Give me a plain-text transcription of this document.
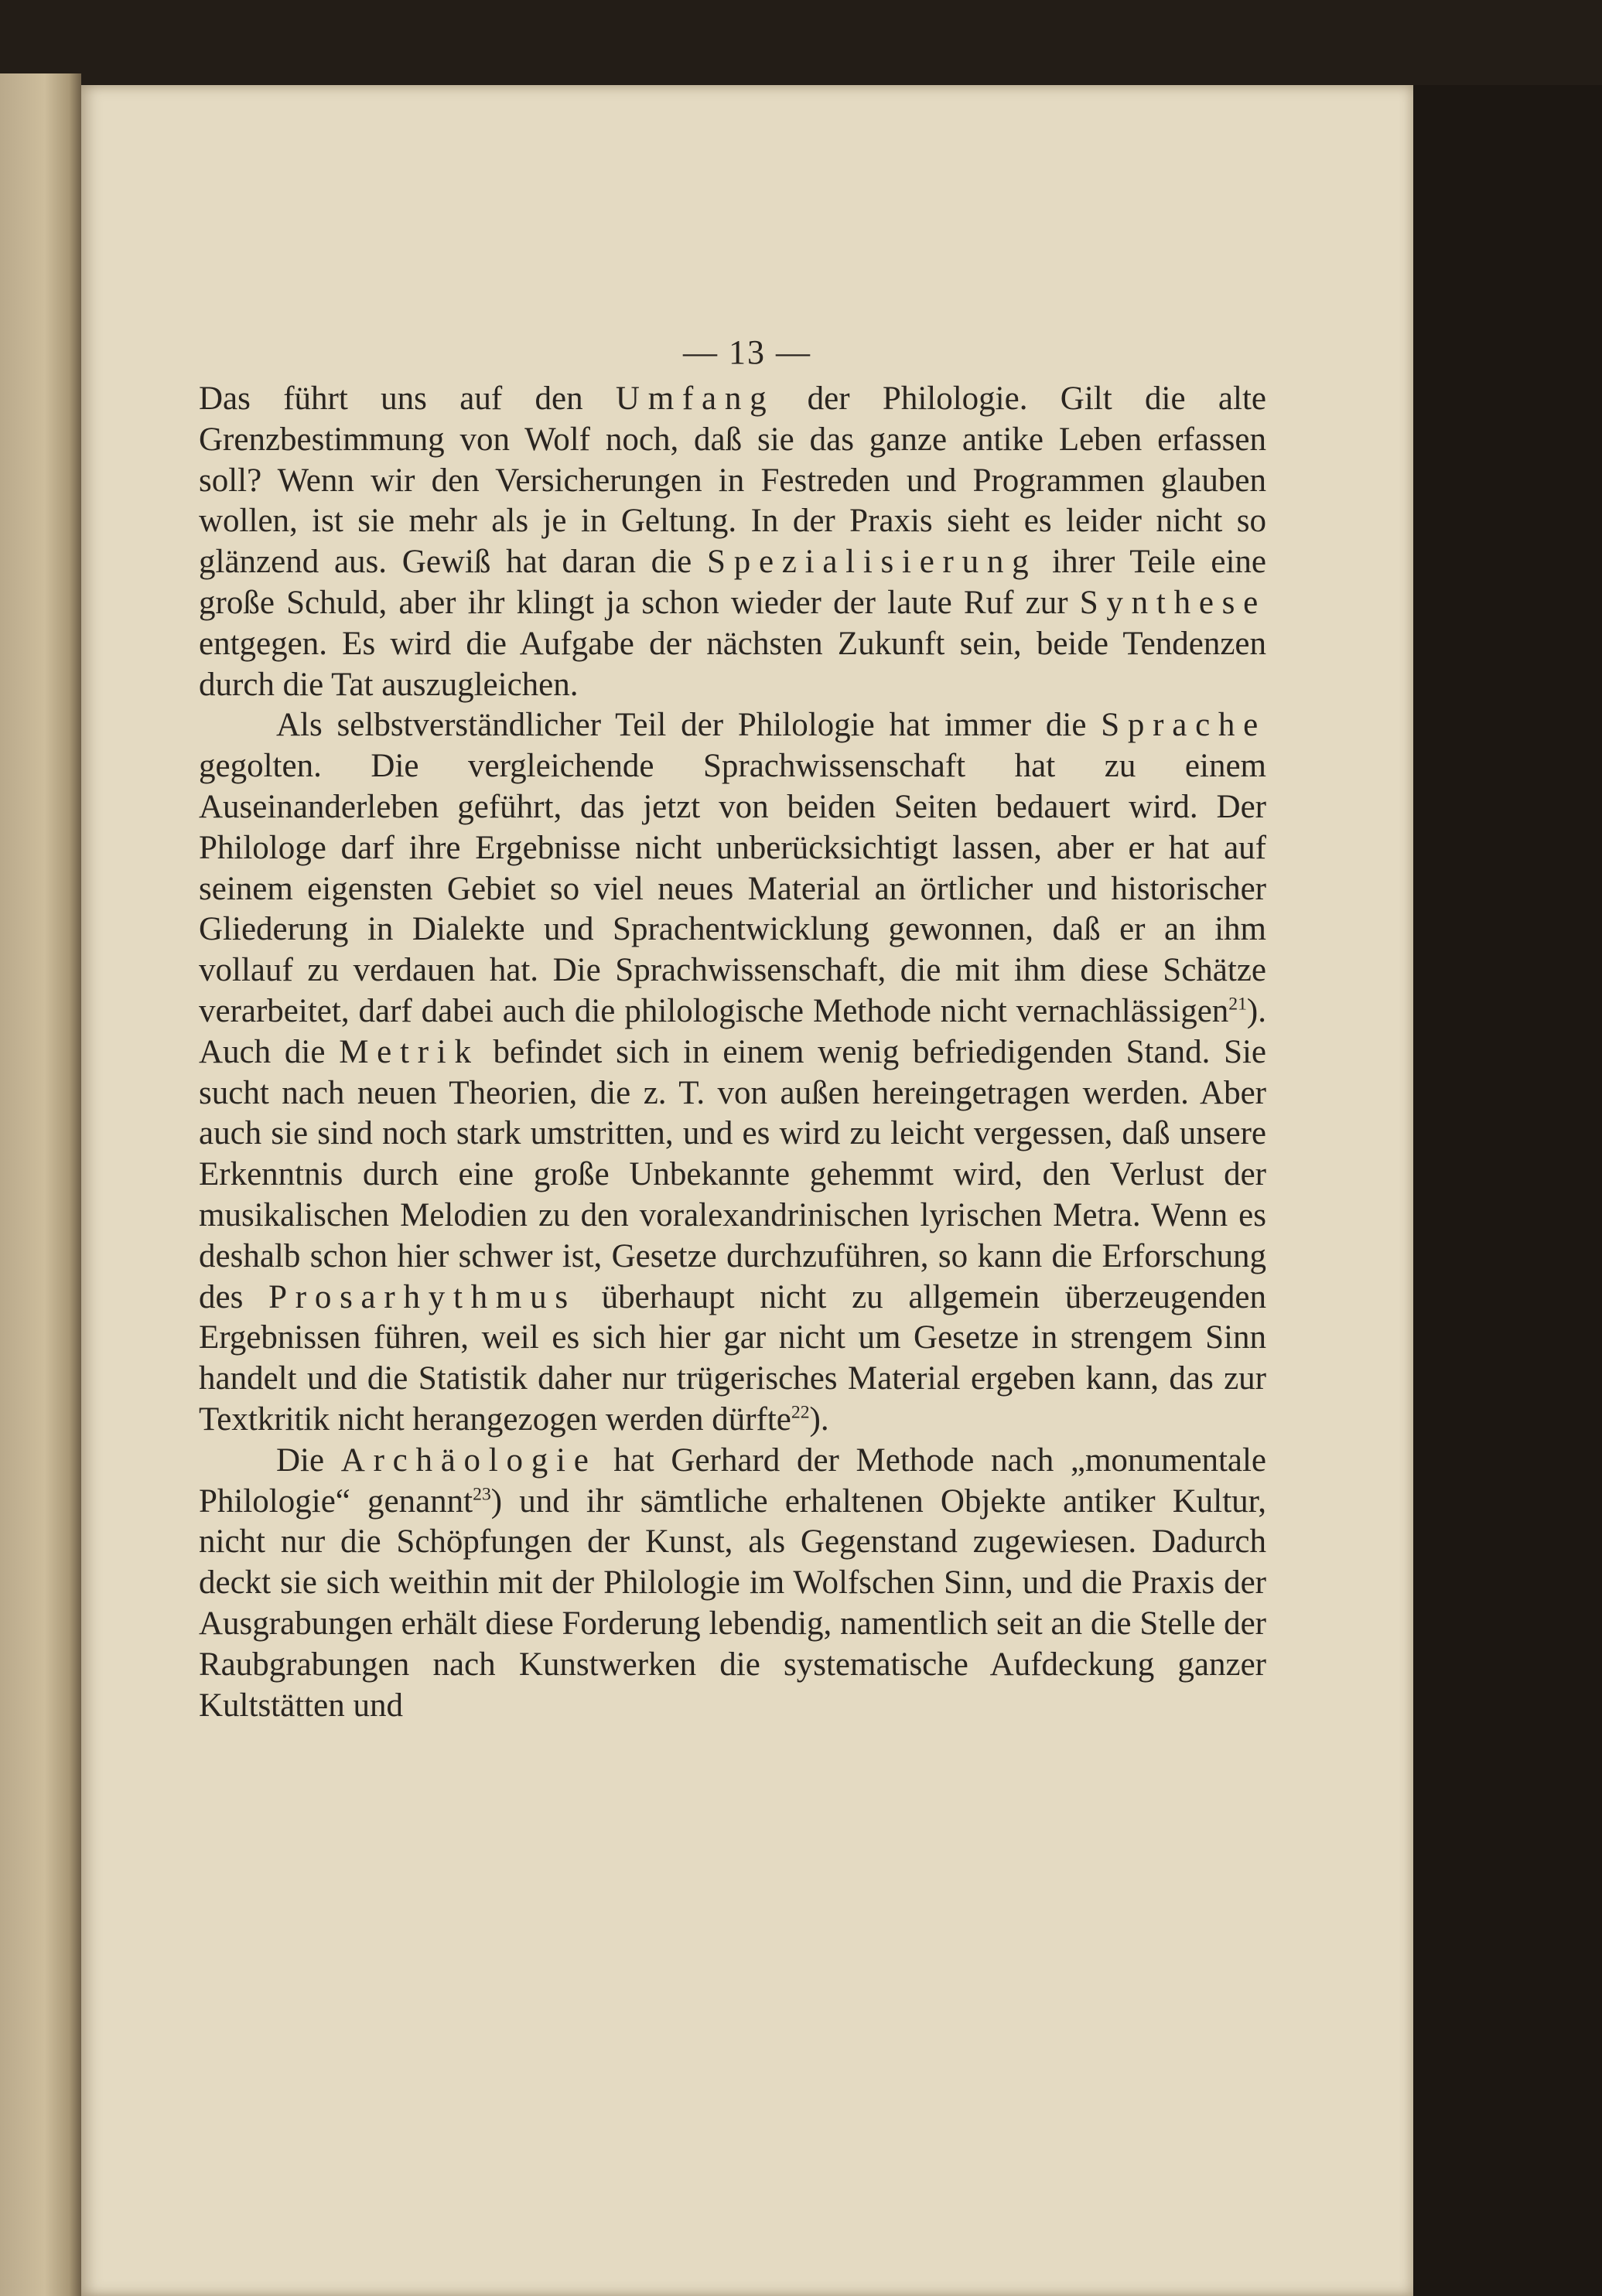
— 13 —

Das führt uns auf den Umfang der Philologie. Gilt die alte Grenzbestimmung von Wolf noch, daß sie das ganze antike Leben erfassen soll? Wenn wir den Versicherungen in Festreden und Programmen glauben wollen, ist sie mehr als je in Geltung. In der Praxis sieht es leider nicht so glänzend aus. Gewiß hat daran die Spezialisierung ihrer Teile eine große Schuld, aber ihr klingt ja schon wieder der laute Ruf zur Synthese entgegen. Es wird die Aufgabe der nächsten Zukunft sein, beide Tendenzen durch die Tat auszugleichen.

Als selbstverständlicher Teil der Philologie hat immer die Sprache gegolten. Die vergleichende Sprachwissenschaft hat zu einem Auseinanderleben geführt, das jetzt von beiden Seiten bedauert wird. Der Philologe darf ihre Ergebnisse nicht unberücksichtigt lassen, aber er hat auf seinem eigensten Gebiet so viel neues Material an örtlicher und historischer Gliederung in Dialekte und Sprachentwicklung gewonnen, daß er an ihm vollauf zu verdauen hat. Die Sprachwissenschaft, die mit ihm diese Schätze verarbeitet, darf dabei auch die philologische Methode nicht vernachlässigen$^{21}$). Auch die Metrik befindet sich in einem wenig befriedigenden Stand. Sie sucht nach neuen Theorien, die z. T. von außen hereingetragen werden. Aber auch sie sind noch stark umstritten, und es wird zu leicht vergessen, daß unsere Erkenntnis durch eine große Unbekannte gehemmt wird, den Verlust der musikalischen Melodien zu den voralexandrinischen lyrischen Metra. Wenn es deshalb schon hier schwer ist, Gesetze durchzuführen, so kann die Erforschung des Prosarhythmus überhaupt nicht zu allgemein überzeugenden Ergebnissen führen, weil es sich hier gar nicht um Gesetze in strengem Sinn handelt und die Statistik daher nur trügerisches Material ergeben kann, das zur Textkritik nicht herangezogen werden dürfte$^{22}$).

Die Archäologie hat Gerhard der Methode nach „monumentale Philologie“ genannt$^{23}$) und ihr sämtliche erhaltenen Objekte antiker Kultur, nicht nur die Schöpfungen der Kunst, als Gegenstand zugewiesen. Dadurch deckt sie sich weithin mit der Philologie im Wolfschen Sinn, und die Praxis der Ausgrabungen erhält diese Forderung lebendig, namentlich seit an die Stelle der Raubgrabungen nach Kunstwerken die systematische Aufdeckung ganzer Kultstätten und
